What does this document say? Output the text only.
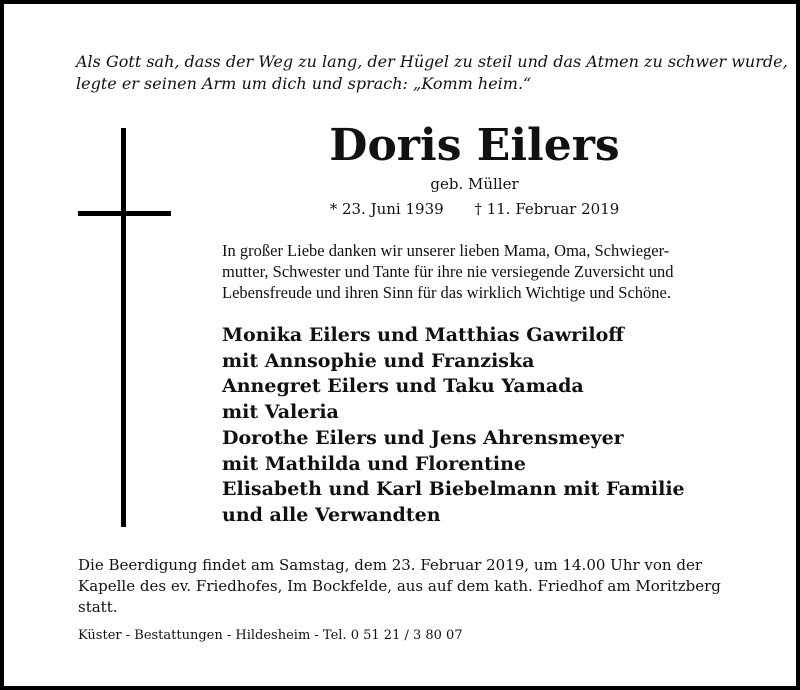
Als Gott sah, dass der Weg zu lang, der Hügel zu steil und das Atmen zu schwer wurde,
legte er seinen Arm um dich und sprach: „Komm heim.“
Doris Eilers
geb. Müller
* 23. Juni 1939 † 11. Februar 2019
In großer Liebe danken wir unserer lieben Mama, Oma, Schwieger-
mutter, Schwester und Tante für ihre nie versiegende Zuversicht und
Lebensfreude und ihren Sinn für das wirklich Wichtige und Schöne.
Monika Eilers und Matthias Gawriloff
mit Annsophie und Franziska
Annegret Eilers und Taku Yamada
mit Valeria
Dorothe Eilers und Jens Ahrensmeyer
mit Mathilda und Florentine
Elisabeth und Karl Biebelmann mit Familie
und alle Verwandten
Die Beerdigung findet am Samstag, dem 23. Februar 2019, um 14.00 Uhr von der
Kapelle des ev. Friedhofes, Im Bockfelde, aus auf dem kath. Friedhof am Moritzberg
statt.
Küster - Bestattungen - Hildesheim - Tel. 0 51 21 / 3 80 07
